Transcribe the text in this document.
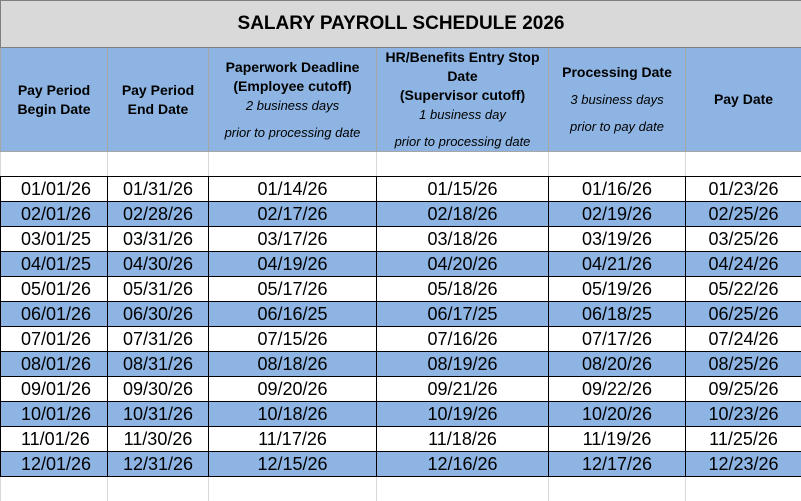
SALARY PAYROLL SCHEDULE 2026					

Pay Period Begin Date	Pay Period End Date	Paperwork Deadline
(Employee cutoff)
2 business days
prior to processing date	HR/Benefits Entry Stop Date
(Supervisor cutoff)
1 business day
prior to processing date	Processing Date
3 business days
prior to pay date	Pay Date

01/01/26	01/31/26	01/14/26	01/15/26	01/16/26	01/23/26
02/01/26	02/28/26	02/17/26	02/18/26	02/19/26	02/25/26
03/01/25	03/31/26	03/17/26	03/18/26	03/19/26	03/25/26
04/01/25	04/30/26	04/19/26	04/20/26	04/21/26	04/24/26
05/01/26	05/31/26	05/17/26	05/18/26	05/19/26	05/22/26
06/01/26	06/30/26	06/16/25	06/17/25	06/18/25	06/25/26
07/01/26	07/31/26	07/15/26	07/16/26	07/17/26	07/24/26
08/01/26	08/31/26	08/18/26	08/19/26	08/20/26	08/25/26
09/01/26	09/30/26	09/20/26	09/21/26	09/22/26	09/25/26
10/01/26	10/31/26	10/18/26	10/19/26	10/20/26	10/23/26
11/01/26	11/30/26	11/17/26	11/18/26	11/19/26	11/25/26
12/01/26	12/31/26	12/15/26	12/16/26	12/17/26	12/23/26
